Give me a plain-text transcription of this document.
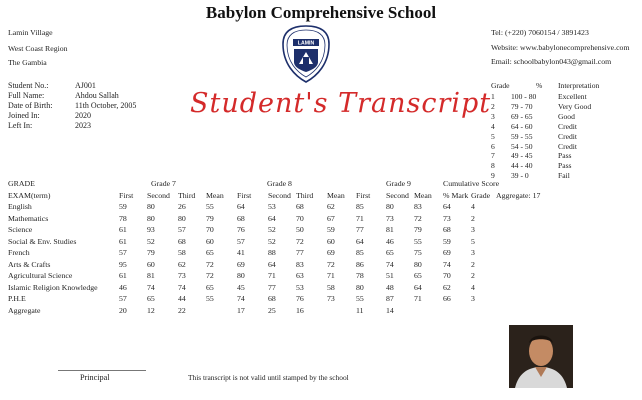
Babylon Comprehensive School
Lamin Village
West Coast Region
The Gambia
Tel: (+220) 7060154 / 3891423
Website: www.babylonecomprehensive.com
Email: schoolbabylon043@gmail.com
LAMIN
Student's Transcript
Student No.:	AJ001
Full Name:	Ahdou Sallah
Date of Birth:	11th October, 2005
Joined In:	2020
Left In:	2023
Grade	% Interpretation
1 100 - 80	Excellent
2 79 - 70	Very Good
3 69 - 65	Good
4 64 - 60	Credit
5 59 - 55	Credit
6 54 - 50	Credit
7 49 - 45	Pass
8 44 - 40	Pass
9 39 - 0	Fail
GRADE	Grade 7				Grade 8				Grade 9			Cumulative Score		
EXAM(term)	First	Second	Third	Mean	First	Second	Third	Mean	First	Second	Mean	% Mark	Grade	Aggregate: 17
English	59	80	26	55	64	53	68	62	85	80	83	64	4	
Mathematics	78	80	80	79	68	64	70	67	71	73	72	73	2	
Science	61	93	57	70	76	52	50	59	77	81	79	68	3	
Social & Env. Studies	61	52	68	60	57	52	72	60	64	46	55	59	5	
French	57	79	58	65	41	88	77	69	85	65	75	69	3	
Arts & Crafts	95	60	62	72	69	64	83	72	86	74	80	74	2	
Agricultural Science	61	81	73	72	80	71	63	71	78	51	65	70	2	
Islamic Religion Knowledge	46	74	74	65	45	77	53	58	80	48	64	62	4	
P.H.E	57	65	44	55	74	68	76	73	55	87	71	66	3	
Aggregate	20	12	22		17	25	16		11	14				
Principal	This transcript is not valid until stamped by the school
